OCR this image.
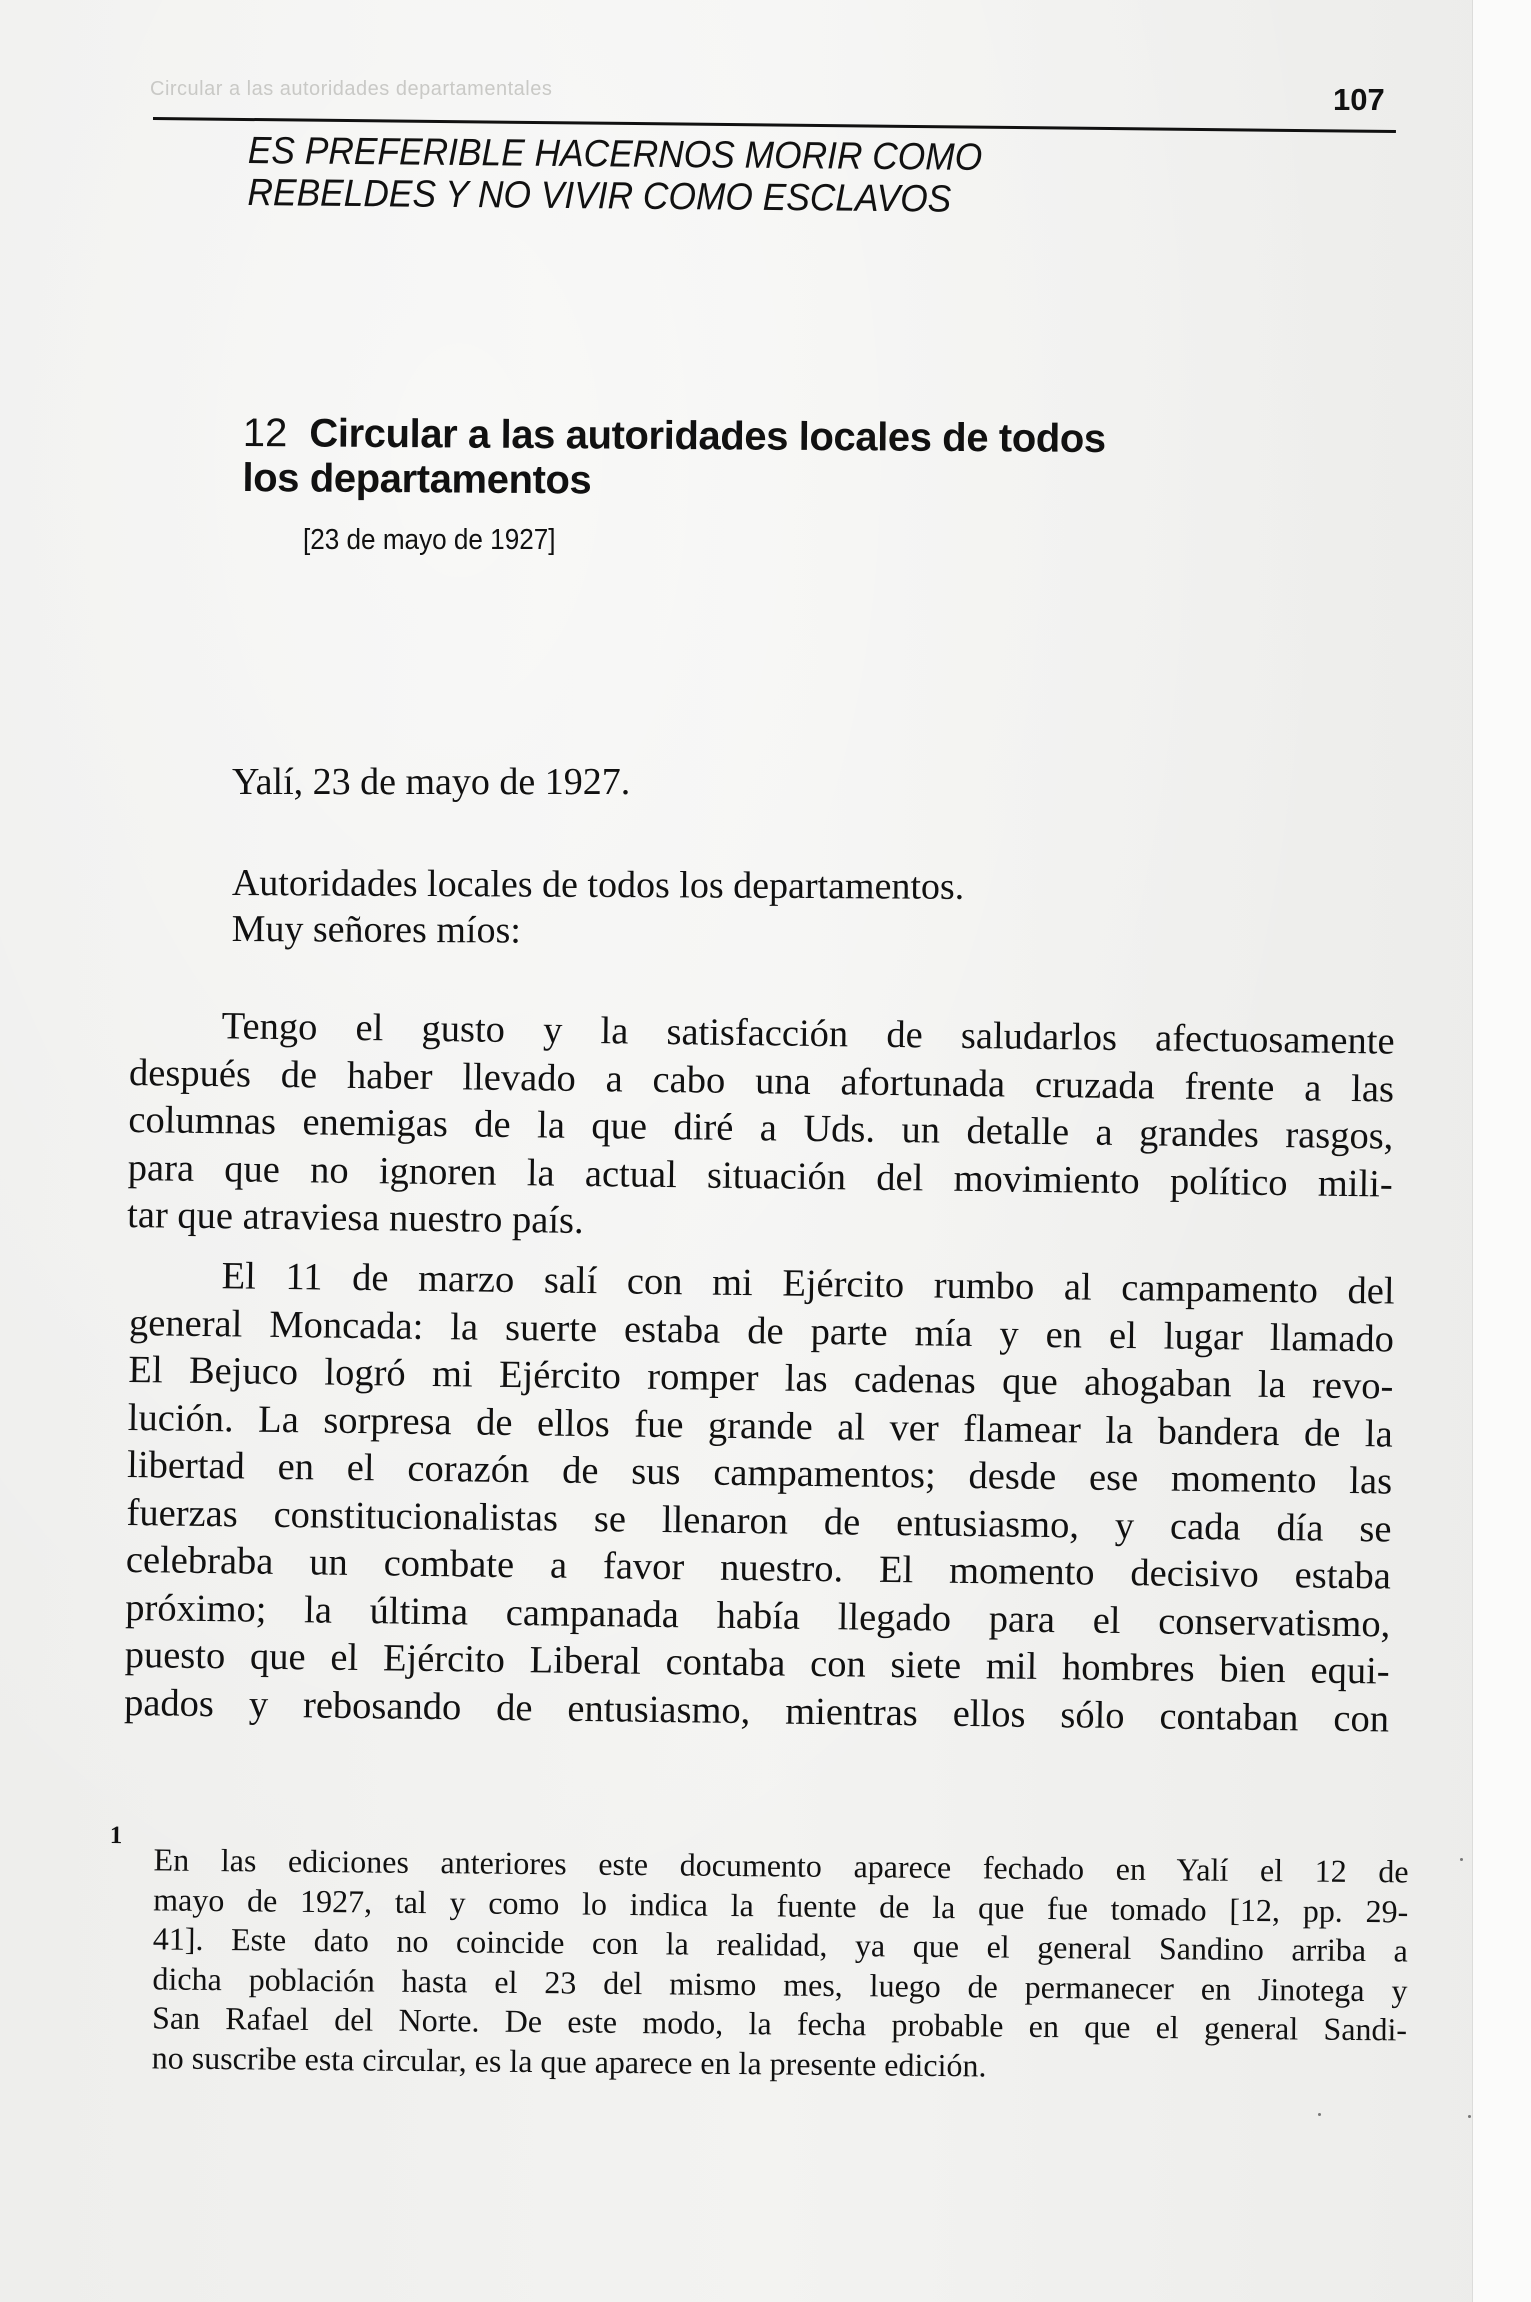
Circular a las autoridades departamentales	107
ES PREFERIBLE HACERNOS MORIR COMO
REBELDES Y NO VIVIR COMO ESCLAVOS
12 Circular a las autoridades locales de todos
los departamentos
[23 de mayo de 1927]

Yalí, 23 de mayo de 1927.

Autoridades locales de todos los departamentos.
Muy señores míos:

Tengo el gusto y la satisfacción de saludarlos afectuosamente
después de haber llevado a cabo una afortunada cruzada frente a las
columnas enemigas de la que diré a Uds. un detalle a grandes rasgos,
para que no ignoren la actual situación del movimiento político mili-
tar que atraviesa nuestro país.

El 11 de marzo salí con mi Ejército rumbo al campamento del
general Moncada: la suerte estaba de parte mía y en el lugar llamado
El Bejuco logró mi Ejército romper las cadenas que ahogaban la revo-
lución. La sorpresa de ellos fue grande al ver flamear la bandera de la
libertad en el corazón de sus campamentos; desde ese momento las
fuerzas constitucionalistas se llenaron de entusiasmo, y cada día se
celebraba un combate a favor nuestro. El momento decisivo estaba
próximo; la última campanada había llegado para el conservatismo,
puesto que el Ejército Liberal contaba con siete mil hombres bien equi-
pados y rebosando de entusiasmo, mientras ellos sólo contaban con

1
En las ediciones anteriores este documento aparece fechado en Yalí el 12 de
mayo de 1927, tal y como lo indica la fuente de la que fue tomado [12, pp. 29-
41]. Este dato no coincide con la realidad, ya que el general Sandino arriba a
dicha población hasta el 23 del mismo mes, luego de permanecer en Jinotega y
San Rafael del Norte. De este modo, la fecha probable en que el general Sandi-
no suscribe esta circular, es la que aparece en la presente edición.
